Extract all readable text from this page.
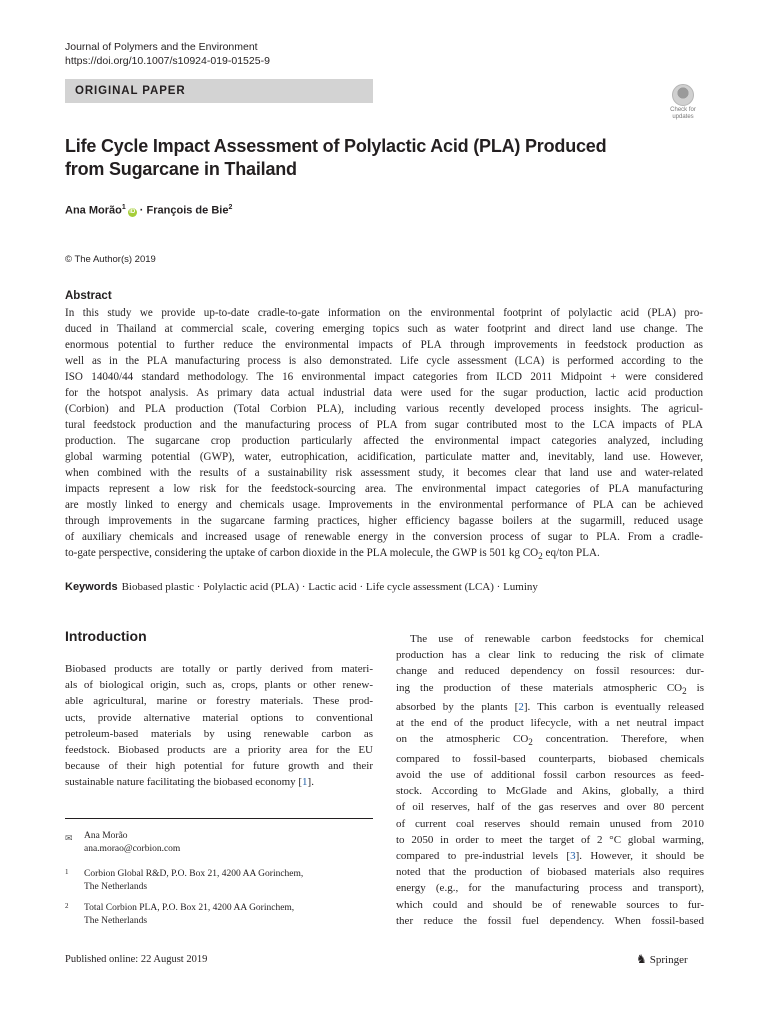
Journal of Polymers and the Environment
https://doi.org/10.1007/s10924-019-01525-9
ORIGINAL PAPER
Check for updates
Life Cycle Impact Assessment of Polylactic Acid (PLA) Produced
from Sugarcane in Thailand
Ana Morão$^1$iD · François de Bie$^2$
© The Author(s) 2019
Abstract
In this study we provide up-to-date cradle-to-gate information on the environmental footprint of polylactic acid (PLA) pro-
duced in Thailand at commercial scale, covering emerging topics such as water footprint and direct land use change. The
enormous potential to further reduce the environmental impacts of PLA through improvements in feedstock production as
well as in the PLA manufacturing process is also demonstrated. Life cycle assessment (LCA) is performed according to the
ISO 14040/44 standard methodology. The 16 environmental impact categories from ILCD 2011 Midpoint + were considered
for the hotspot analysis. As primary data actual industrial data were used for the sugar production, lactic acid production
(Corbion) and PLA production (Total Corbion PLA), including various recently developed process insights. The agricul-
tural feedstock production and the manufacturing process of PLA from sugar contributed most to the LCA impacts of PLA
production. The sugarcane crop production particularly affected the environmental impact categories analyzed, including
global warming potential (GWP), water, eutrophication, acidification, particulate matter and, inevitably, land use. However,
when combined with the results of a sustainability risk assessment study, it becomes clear that land use and water-related
impacts represent a low risk for the feedstock-sourcing area. The environmental impact categories of PLA manufacturing
are mostly linked to energy and chemicals usage. Improvements in the environmental performance of PLA can be achieved
through improvements in the sugarcane farming practices, higher efficiency bagasse boilers at the sugarmill, reduced usage
of auxiliary chemicals and increased usage of renewable energy in the conversion process of sugar to PLA. From a cradle-
to-gate perspective, considering the uptake of carbon dioxide in the PLA molecule, the GWP is 501 kg $CO_2$ eq/ton PLA.
Keywords Biobased plastic · Polylactic acid (PLA) · Lactic acid · Life cycle assessment (LCA) · Luminy
Introduction
Biobased products are totally or partly derived from materi-
als of biological origin, such as, crops, plants or other renew-
able agricultural, marine or forestry materials. These prod-
ucts, provide alternative material options to conventional
petroleum-based materials by using renewable carbon as
feedstock. Biobased products are a priority area for the EU
because of their high potential for future growth and their
sustainable nature facilitating the biobased economy [1].
The use of renewable carbon feedstocks for chemical
production has a clear link to reducing the risk of climate
change and reduced dependency on fossil resources: dur-
ing the production of these materials atmospheric $CO_2$ is
absorbed by the plants [2]. This carbon is eventually released
at the end of the product lifecycle, with a net neutral impact
on the atmospheric $CO_2$ concentration. Therefore, when
compared to fossil-based counterparts, biobased chemicals
avoid the use of additional fossil carbon resources as feed-
stock. According to McGlade and Akins, globally, a third
of oil reserves, half of the gas reserves and over 80 percent
of current coal reserves should remain unused from 2010
to 2050 in order to meet the target of 2 °C global warming,
compared to pre-industrial levels [3]. However, it should be
noted that the production of biobased materials also requires
energy (e.g., for the manufacturing process and transport),
which could and should be of renewable sources to fur-
ther reduce the fossil fuel dependency. When fossil-based
✉	Ana Morão
ana.morao@corbion.com
1	Corbion Global R&D, P.O. Box 21, 4200 AA Gorinchem,
The Netherlands
2	Total Corbion PLA, P.O. Box 21, 4200 AA Gorinchem,
The Netherlands
Published online: 22 August 2019	♞ Springer
